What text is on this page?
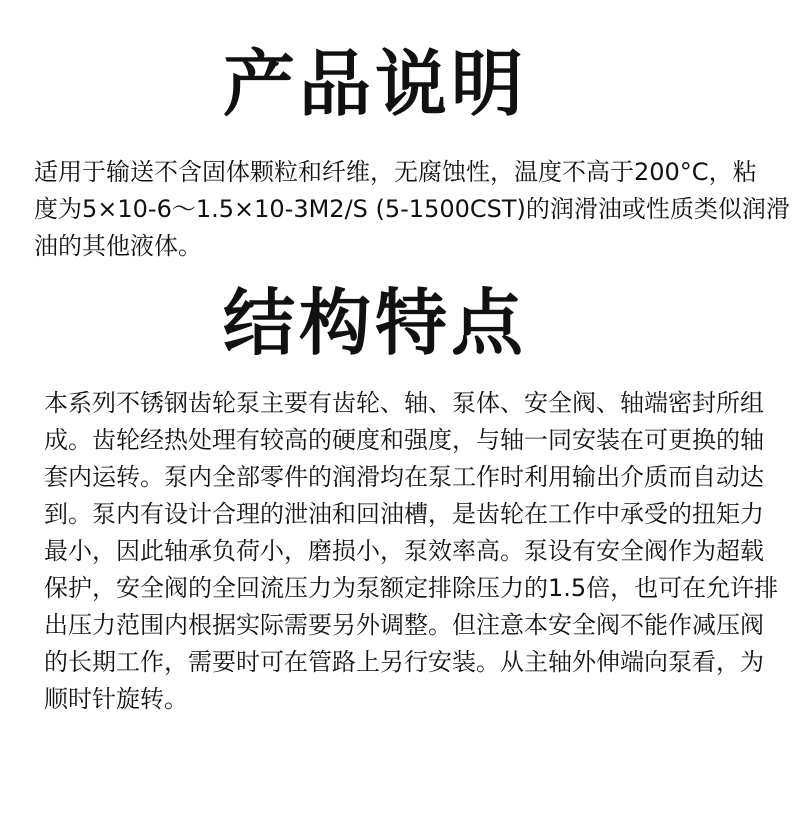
产品说明

适用于输送不含固体颗粒和纤维，无腐蚀性，温度不高于200°C，粘
度为5×10-6～1.5×10-3M2/S (5-1500CST)的润滑油或性质类似润滑
油的其他液体。

结构特点

本系列不锈钢齿轮泵主要有齿轮、轴、泵体、安全阀、轴端密封所组
成。齿轮经热处理有较高的硬度和强度，与轴一同安装在可更换的轴
套内运转。泵内全部零件的润滑均在泵工作时利用输出介质而自动达
到。泵内有设计合理的泄油和回油槽，是齿轮在工作中承受的扭矩力
最小，因此轴承负荷小，磨损小，泵效率高。泵设有安全阀作为超载
保护，安全阀的全回流压力为泵额定排除压力的1.5倍，也可在允许排
出压力范围内根据实际需要另外调整。但注意本安全阀不能作减压阀
的长期工作，需要时可在管路上另行安装。从主轴外伸端向泵看，为
顺时针旋转。
